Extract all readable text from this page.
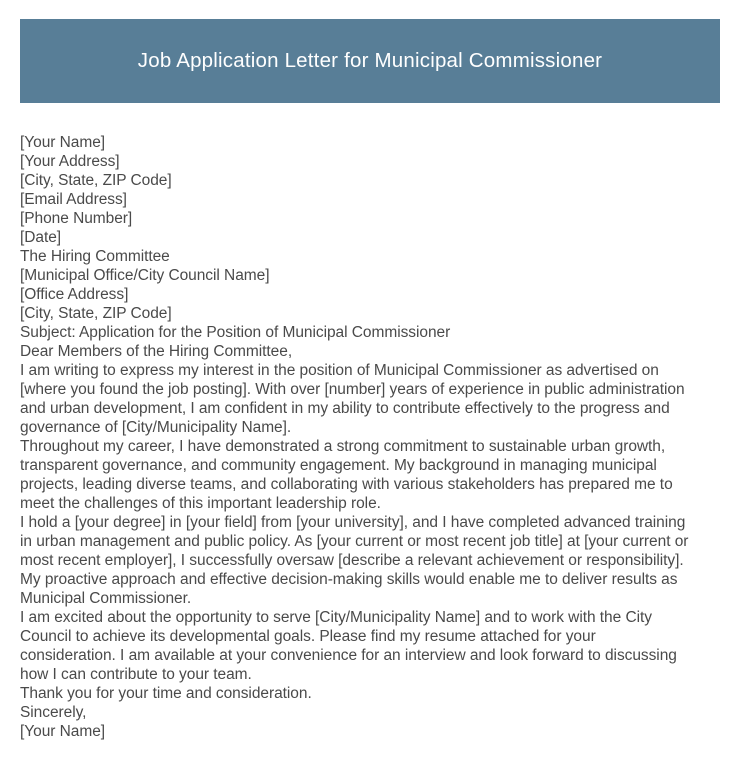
Job Application Letter for Municipal Commissioner
[Your Name]
[Your Address]
[City, State, ZIP Code]
[Email Address]
[Phone Number]
[Date]
The Hiring Committee
[Municipal Office/City Council Name]
[Office Address]
[City, State, ZIP Code]
Subject: Application for the Position of Municipal Commissioner
Dear Members of the Hiring Committee,
I am writing to express my interest in the position of Municipal Commissioner as advertised on
[where you found the job posting]. With over [number] years of experience in public administration
and urban development, I am confident in my ability to contribute effectively to the progress and
governance of [City/Municipality Name].
Throughout my career, I have demonstrated a strong commitment to sustainable urban growth,
transparent governance, and community engagement. My background in managing municipal
projects, leading diverse teams, and collaborating with various stakeholders has prepared me to
meet the challenges of this important leadership role.
I hold a [your degree] in [your field] from [your university], and I have completed advanced training
in urban management and public policy. As [your current or most recent job title] at [your current or
most recent employer], I successfully oversaw [describe a relevant achievement or responsibility].
My proactive approach and effective decision-making skills would enable me to deliver results as
Municipal Commissioner.
I am excited about the opportunity to serve [City/Municipality Name] and to work with the City
Council to achieve its developmental goals. Please find my resume attached for your
consideration. I am available at your convenience for an interview and look forward to discussing
how I can contribute to your team.
Thank you for your time and consideration.
Sincerely,
[Your Name]
